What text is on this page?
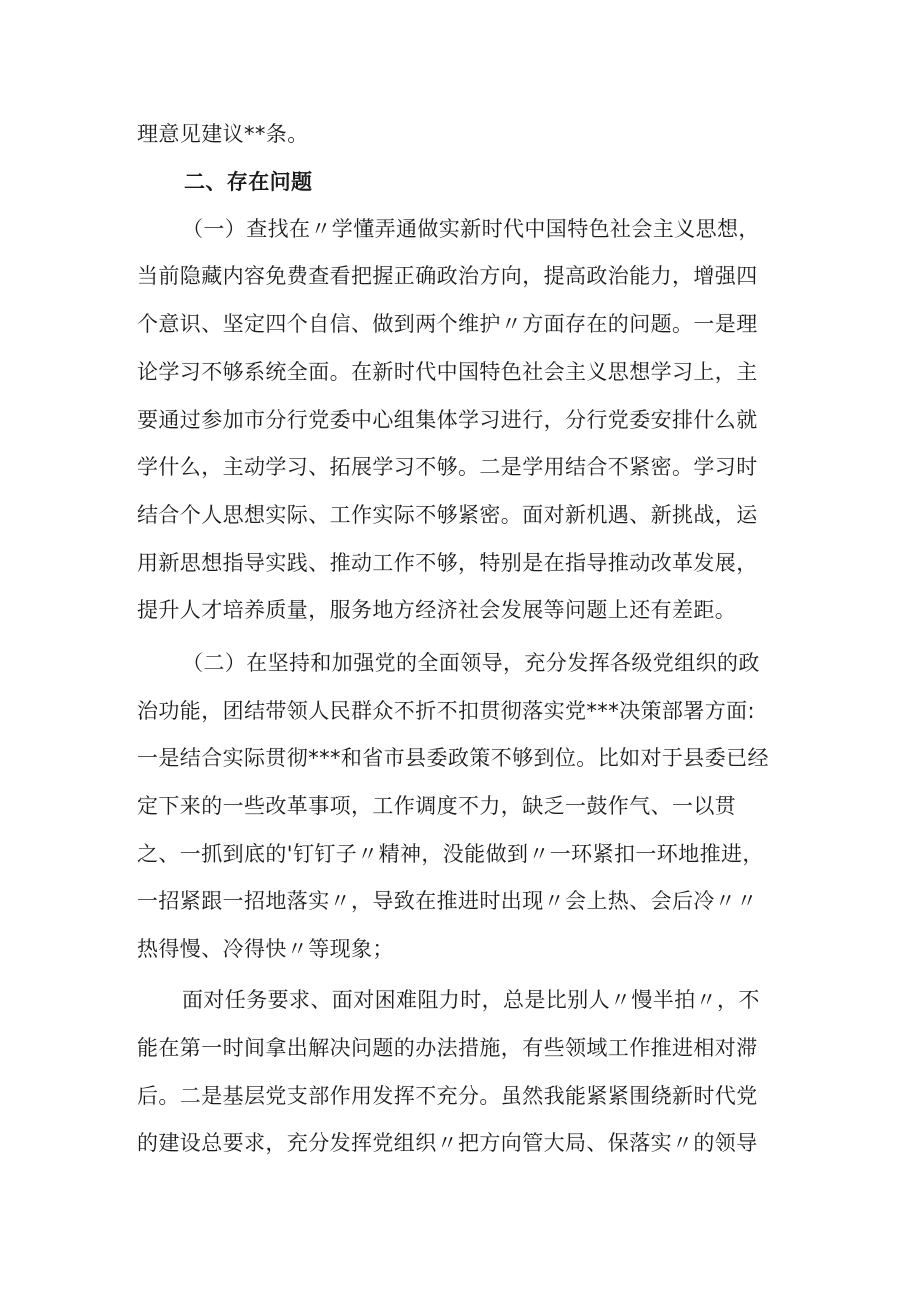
理意见建议**条。
二、存在问题
（一）查找在〃学懂弄通做实新时代中国特色社会主义思想，
当前隐藏内容免费查看把握正确政治方向，提高政治能力，增强四
个意识、坚定四个自信、做到两个维护〃方面存在的问题。一是理
论学习不够系统全面。在新时代中国特色社会主义思想学习上，主
要通过参加市分行党委中心组集体学习进行，分行党委安排什么就
学什么，主动学习、拓展学习不够。二是学用结合不紧密。学习时
结合个人思想实际、工作实际不够紧密。面对新机遇、新挑战，运
用新思想指导实践、推动工作不够，特别是在指导推动改革发展，
提升人才培养质量，服务地方经济社会发展等问题上还有差距。
（二）在坚持和加强党的全面领导，充分发挥各级党组织的政
治功能，团结带领人民群众不折不扣贯彻落实党***决策部署方面:
一是结合实际贯彻***和省市县委政策不够到位。比如对于县委已经
定下来的一些改革事项，工作调度不力，缺乏一鼓作气、一以贯
之、一抓到底的'钉钉子〃精神，没能做到〃一环紧扣一环地推进，
一招紧跟一招地落实〃，导致在推进时出现〃会上热、会后冷〃〃
热得慢、冷得快〃等现象；
面对任务要求、面对困难阻力时，总是比别人〃慢半拍〃，不
能在第一时间拿出解决问题的办法措施，有些领域工作推进相对滞
后。二是基层党支部作用发挥不充分。虽然我能紧紧围绕新时代党
的建设总要求，充分发挥党组织〃把方向管大局、保落实〃的领导
